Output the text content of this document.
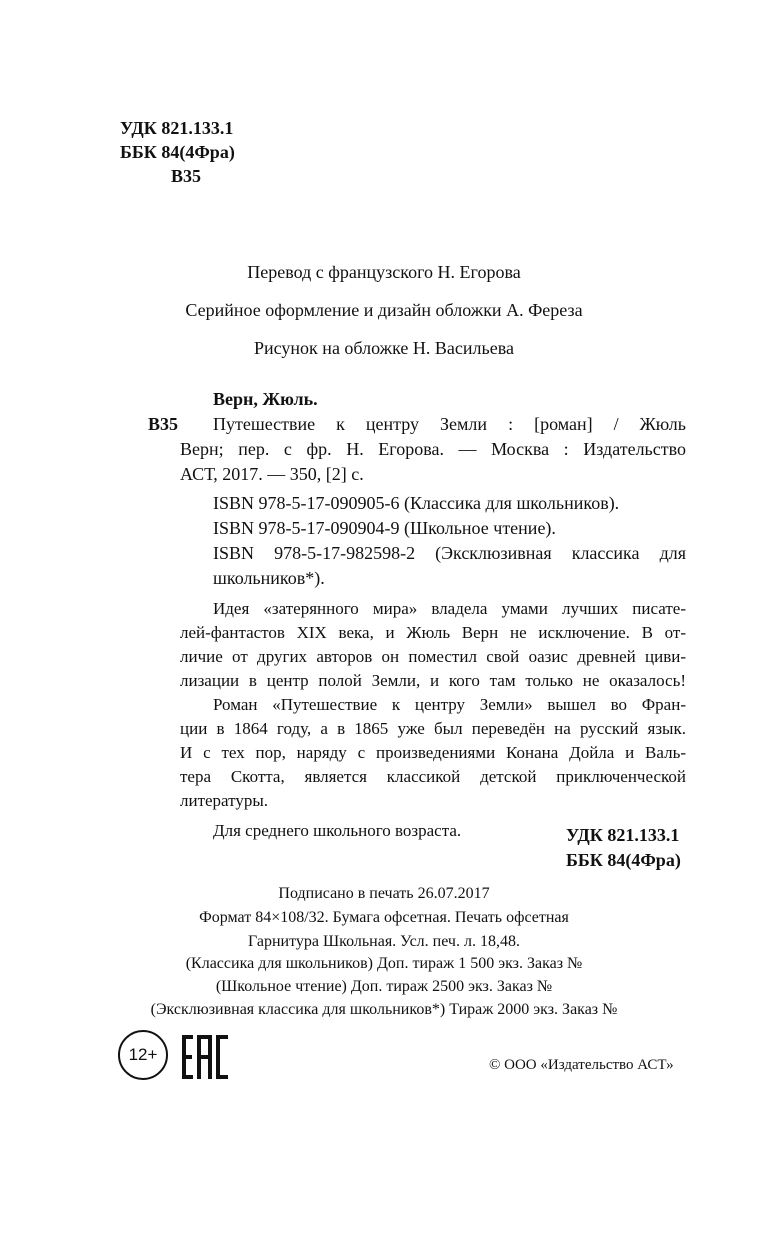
УДК 821.133.1
ББК 84(4Фра)
В35
Перевод с французского Н. Егорова
Серийное оформление и дизайн обложки А. Фереза
Рисунок на обложке Н. Васильева
Верн, Жюль.
В35 Путешествие к центру Земли : [роман] / Жюль
Верн; пер. с фр. Н. Егорова. — Москва : Издательство
АСТ, 2017. — 350, [2] с.
ISBN 978-5-17-090905-6 (Классика для школьников).
ISBN 978-5-17-090904-9 (Школьное чтение).
ISBN 978-5-17-982598-2 (Эксклюзивная классика для
школьников*).
Идея «затерянного мира» владела умами лучших писате-
лей-фантастов XIX века, и Жюль Верн не исключение. В от-
личие от других авторов он поместил свой оазис древней циви-
лизации в центр полой Земли, и кого там только не оказалось!
Роман «Путешествие к центру Земли» вышел во Фран-
ции в 1864 году, а в 1865 уже был переведён на русский язык.
И с тех пор, наряду с произведениями Конана Дойла и Валь-
тера Скотта, является классикой детской приключенческой
литературы.
Для среднего школьного возраста.	УДК 821.133.1
ББК 84(4Фра)
Подписано в печать 26.07.2017
Формат 84×108/32. Бумага офсетная. Печать офсетная
Гарнитура Школьная. Усл. печ. л. 18,48.
(Классика для школьников) Доп. тираж 1 500 экз. Заказ №
(Школьное чтение) Доп. тираж 2500 экз. Заказ №
(Эксклюзивная классика для школьников*) Тираж 2000 экз. Заказ №
12+
© ООО «Издательство АСТ»
